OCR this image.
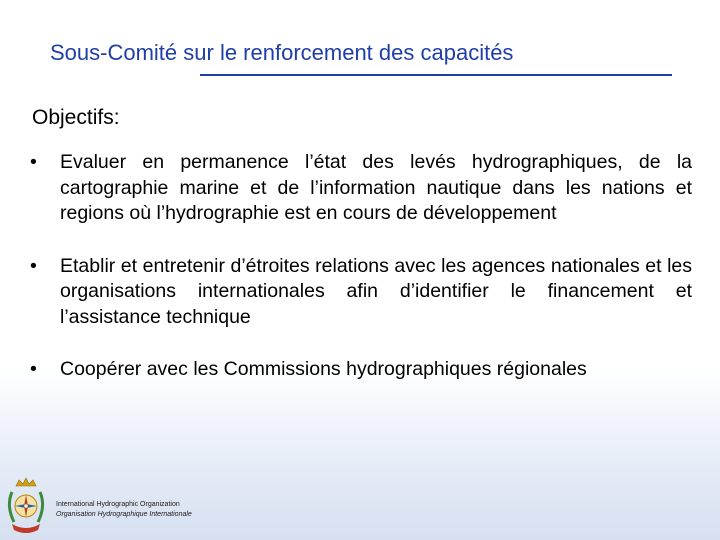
Sous-Comité sur le renforcement des capacités
Objectifs:
• Evaluer en permanence l’état des levés hydrographiques, de la cartographie marine et de l’information nautique dans les nations et regions où l’hydrographie est en cours de développement
• Etablir et entretenir d’étroites relations avec les agences nationales et les organisations internationales afin d’identifier le financement et l’assistance technique
• Coopérer avec les Commissions hydrographiques régionales
International Hydrographic Organization
Organisation Hydrographique Internationale
